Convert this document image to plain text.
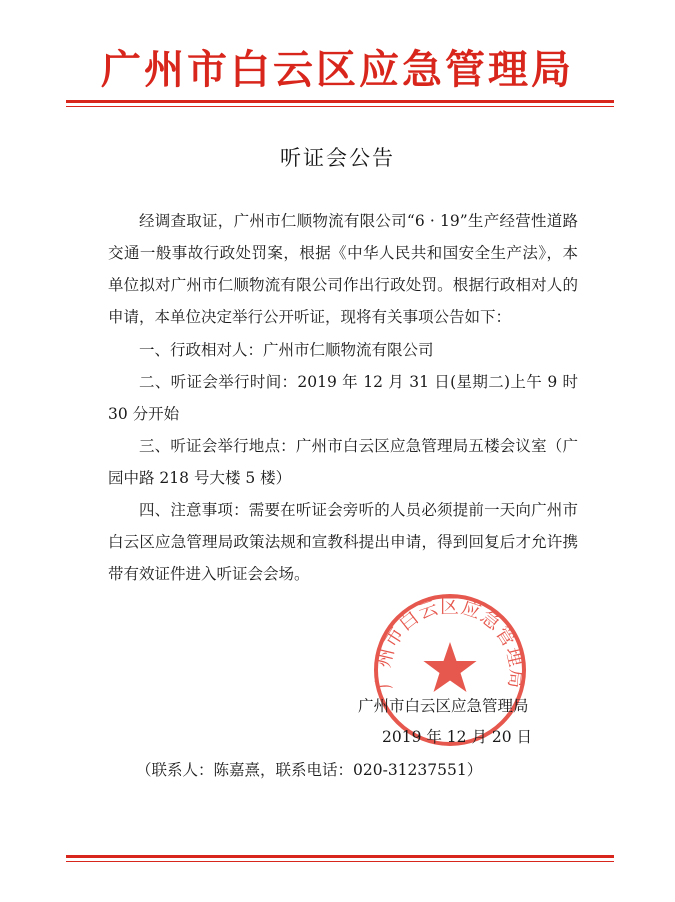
广州市白云区应急管理局
听证会公告
经调查取证，广州市仁顺物流有限公司“6 · 19”生产经营性道路交通一般事故行政处罚案，根据《中华人民共和国安全生产法》，本单位拟对广州市仁顺物流有限公司作出行政处罚。根据行政相对人的申请，本单位决定举行公开听证，现将有关事项公告如下：
一、行政相对人：广州市仁顺物流有限公司
二、听证会举行时间：2019 年 12 月 31 日(星期二)上午 9 时 30 分开始
三、听证会举行地点：广州市白云区应急管理局五楼会议室（广园中路 218 号大楼 5 楼）
四、注意事项：需要在听证会旁听的人员必须提前一天向广州市白云区应急管理局政策法规和宣教科提出申请，得到回复后才允许携带有效证件进入听证会会场。
广州市白云区应急管理局
广州市白云区应急管理局
2019 年 12 月 20 日
（联系人：陈嘉熹，联系电话：020-31237551）
